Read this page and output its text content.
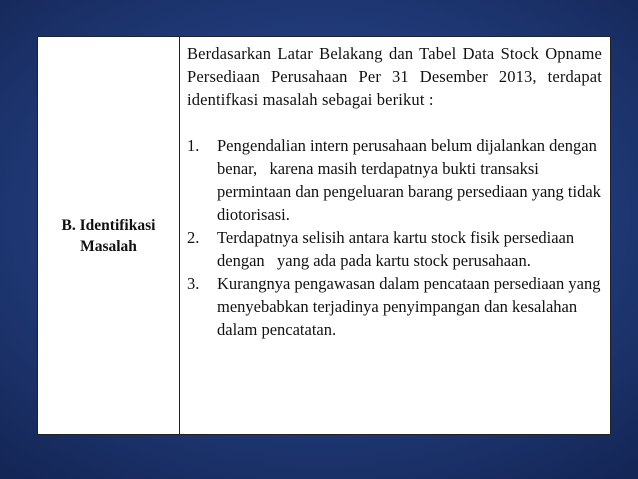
B. Identifikasi
Masalah

Berdasarkan Latar Belakang dan Tabel Data Stock Opname Persediaan Perusahaan Per 31 Desember 2013, terdapat identifkasi masalah sebagai berikut :

1.	Pengendalian intern perusahaan belum dijalankan dengan   benar,   karena masih terdapatnya bukti transaksi permintaan dan pengeluaran barang persediaan yang tidak diotorisasi.
2.	Terdapatnya selisih antara kartu stock fisik persediaan dengan   yang ada pada kartu stock perusahaan.
3.	Kurangnya pengawasan dalam pencataan persediaan yang  menyebabkan terjadinya penyimpangan dan kesalahan  dalam pencatatan.
